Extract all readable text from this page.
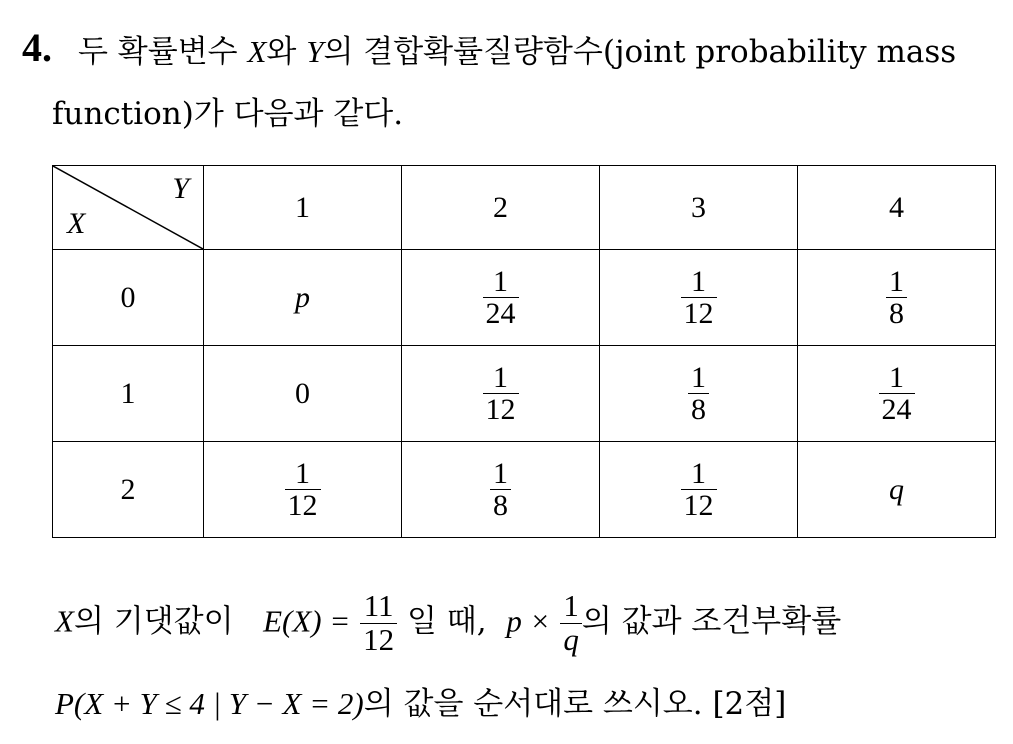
4. 두 확률변수 X와 Y의 결합확률질량함수(joint probability mass
function)가 다음과 같다.
Y
X	1	2	3	4
0	p	$\frac{1}{24}$	$\frac{1}{12}$	$\frac{1}{8}$

1	0	$\frac{1}{12}$	$\frac{1}{8}$	$\frac{1}{24}$

2	$\frac{1}{12}$	$\frac{1}{8}$	$\frac{1}{12}$	q
X의 기댓값이 $E(X) = \frac{11}{12}$ 일 때, $p \times \frac{1}{q}$ 의 값과 조건부확률
P(X + Y ≤ 4 | Y − X = 2)의 값을 순서대로 쓰시오. [2점]
